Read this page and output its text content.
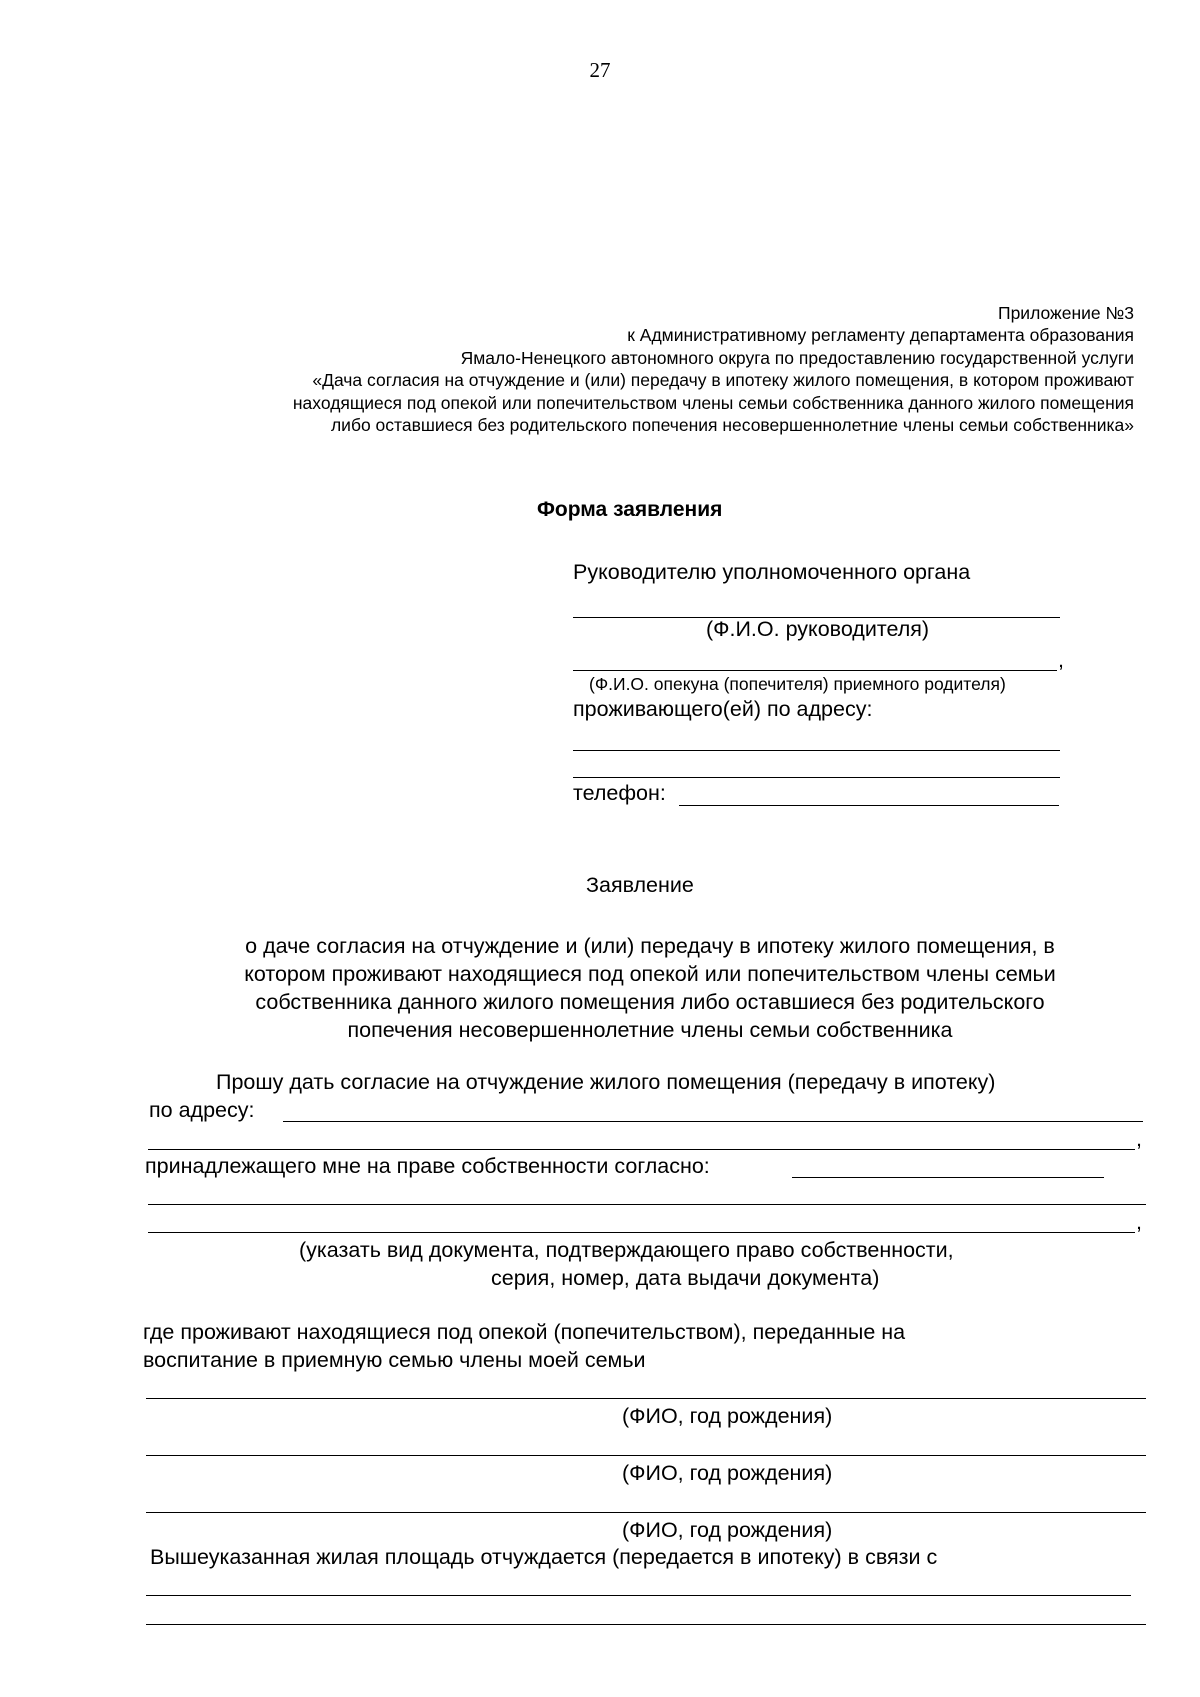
27
Приложение №3
к Административному регламенту департамента образования
Ямало-Ненецкого автономного округа по предоставлению государственной услуги
«Дача согласия на отчуждение и (или) передачу в ипотеку жилого помещения, в котором проживают
находящиеся под опекой или попечительством члены семьи собственника данного жилого помещения
либо оставшиеся без родительского попечения несовершеннолетние члены семьи собственника»
Форма заявления
Руководителю уполномоченного органа
(Ф.И.О. руководителя)
,
(Ф.И.О. опекуна (попечителя) приемного родителя)
проживающего(ей) по адресу:
телефон:
Заявление
о даче согласия на отчуждение и (или) передачу в ипотеку жилого помещения, в
котором проживают находящиеся под опекой или попечительством члены семьи
собственника данного жилого помещения либо оставшиеся без родительского
попечения несовершеннолетние члены семьи собственника
Прошу дать согласие на отчуждение жилого помещения (передачу в ипотеку)
по адресу:
,
принадлежащего мне на праве собственности согласно:
,
(указать вид документа, подтверждающего право собственности,
серия, номер, дата выдачи документа)
где проживают находящиеся под опекой (попечительством), переданные на
воспитание в приемную семью члены моей семьи
(ФИО, год рождения)
(ФИО, год рождения)
(ФИО, год рождения)
Вышеуказанная жилая площадь отчуждается (передается в ипотеку) в связи с
